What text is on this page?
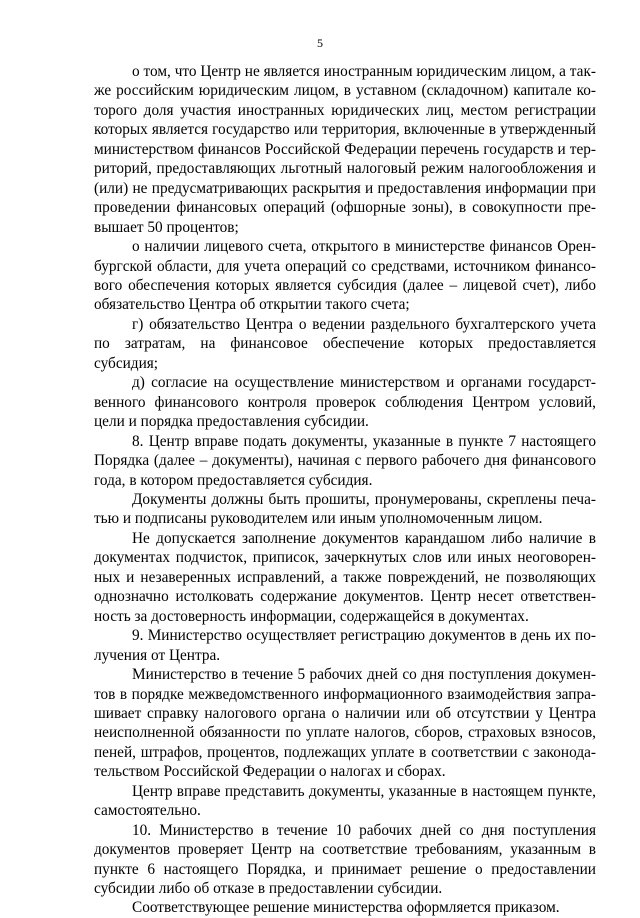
5

о том, что Центр не является иностранным юридическим лицом, а также российским юридическим лицом, в уставном (складочном) капитале которого доля участия иностранных юридических лиц, местом регистрации которых является государство или территория, включенные в утвержденный министерством финансов Российской Федерации перечень государств и территорий, предоставляющих льготный налоговый режим налогообложения и (или) не предусматривающих раскрытия и предоставления информации при проведении финансовых операций (офшорные зоны), в совокупности превышает 50 процентов;

о наличии лицевого счета, открытого в министерстве финансов Оренбургской области, для учета операций со средствами, источником финансового обеспечения которых является субсидия (далее – лицевой счет), либо обязательство Центра об открытии такого счета;

г) обязательство Центра о ведении раздельного бухгалтерского учета по затратам, на финансовое обеспечение которых предоставляется субсидия;

д) согласие на осуществление министерством и органами государственного финансового контроля проверок соблюдения Центром условий, цели и порядка предоставления субсидии.

8. Центр вправе подать документы, указанные в пункте 7 настоящего Порядка (далее – документы), начиная с первого рабочего дня финансового года, в котором предоставляется субсидия.

Документы должны быть прошиты, пронумерованы, скреплены печатью и подписаны руководителем или иным уполномоченным лицом.

Не допускается заполнение документов карандашом либо наличие в документах подчисток, приписок, зачеркнутых слов или иных неоговоренных и незаверенных исправлений, а также повреждений, не позволяющих однозначно истолковать содержание документов. Центр несет ответственность за достоверность информации, содержащейся в документах.

9. Министерство осуществляет регистрацию документов в день их получения от Центра.

Министерство в течение 5 рабочих дней со дня поступления документов в порядке межведомственного информационного взаимодействия запрашивает справку налогового органа о наличии или об отсутствии у Центра неисполненной обязанности по уплате налогов, сборов, страховых взносов, пеней, штрафов, процентов, подлежащих уплате в соответствии с законодательством Российской Федерации о налогах и сборах.

Центр вправе представить документы, указанные в настоящем пункте, самостоятельно.

10. Министерство в течение 10 рабочих дней со дня поступления документов проверяет Центр на соответствие требованиям, указанным в пункте 6 настоящего Порядка, и принимает решение о предоставлении субсидии либо об отказе в предоставлении субсидии.

Соответствующее решение министерства оформляется приказом.
